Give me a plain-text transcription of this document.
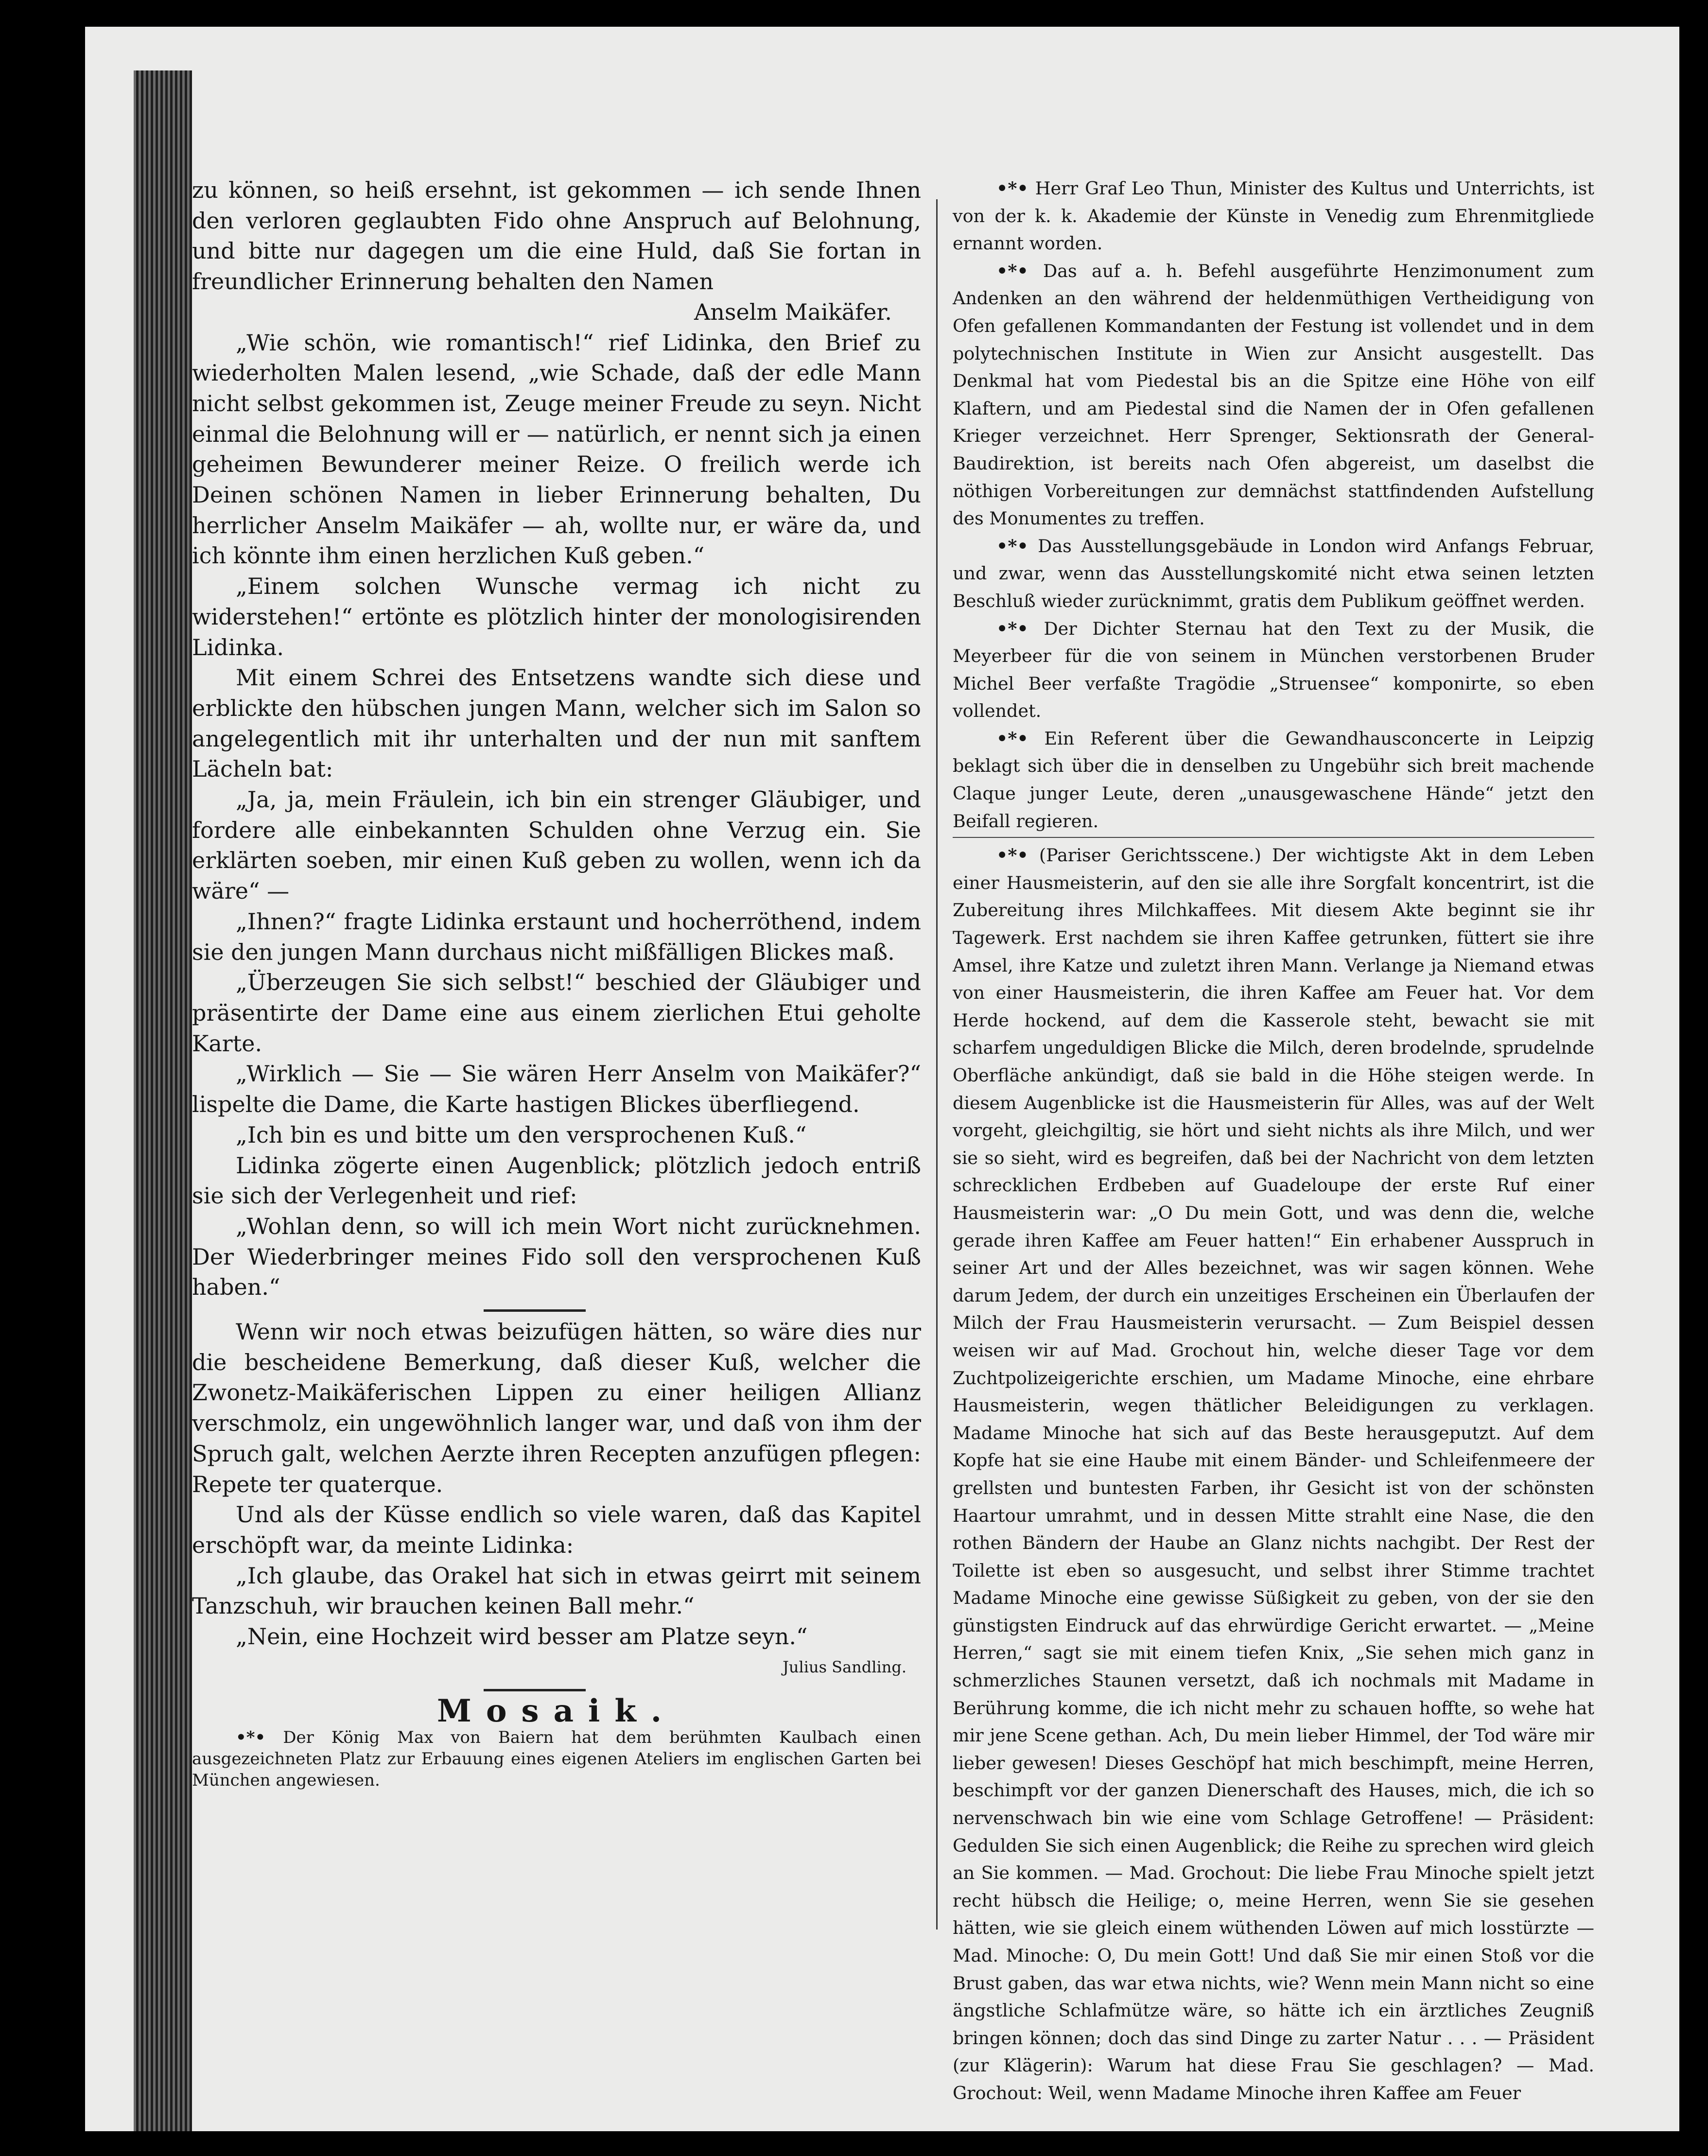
zu können, so heiß ersehnt, ist gekommen — ich sende Ihnen den verloren geglaubten Fido ohne Anspruch auf Belohnung, und bitte nur dagegen um die eine Huld, daß Sie fortan in freundlicher Erinnerung behalten den Namen

Anselm Maikäfer.

„Wie schön, wie romantisch!“ rief Lidinka, den Brief zu wiederholten Malen lesend, „wie Schade, daß der edle Mann nicht selbst gekommen ist, Zeuge meiner Freude zu seyn. Nicht einmal die Belohnung will er — natürlich, er nennt sich ja einen geheimen Bewunderer meiner Reize. O freilich werde ich Deinen schönen Namen in lieber Erinnerung behalten, Du herrlicher Anselm Maikäfer — ah, wollte nur, er wäre da, und ich könnte ihm einen herzlichen Kuß geben.“

„Einem solchen Wunsche vermag ich nicht zu widerstehen!“ ertönte es plötzlich hinter der monologisirenden Lidinka.

Mit einem Schrei des Entsetzens wandte sich diese und erblickte den hübschen jungen Mann, welcher sich im Salon so angelegentlich mit ihr unterhalten und der nun mit sanftem Lächeln bat:

„Ja, ja, mein Fräulein, ich bin ein strenger Gläubiger, und fordere alle einbekannten Schulden ohne Verzug ein. Sie erklärten soeben, mir einen Kuß geben zu wollen, wenn ich da wäre“ —

„Ihnen?“ fragte Lidinka erstaunt und hocherröthend, indem sie den jungen Mann durchaus nicht mißfälligen Blickes maß.

„Überzeugen Sie sich selbst!“ beschied der Gläubiger und präsentirte der Dame eine aus einem zierlichen Etui geholte Karte.

„Wirklich — Sie — Sie wären Herr Anselm von Maikäfer?“ lispelte die Dame, die Karte hastigen Blickes überfliegend.

„Ich bin es und bitte um den versprochenen Kuß.“

Lidinka zögerte einen Augenblick; plötzlich jedoch entriß sie sich der Verlegenheit und rief:

„Wohlan denn, so will ich mein Wort nicht zurücknehmen. Der Wiederbringer meines Fido soll den versprochenen Kuß haben.“

Wenn wir noch etwas beizufügen hätten, so wäre dies nur die bescheidene Bemerkung, daß dieser Kuß, welcher die Zwonetz-Maikäferischen Lippen zu einer heiligen Allianz verschmolz, ein ungewöhnlich langer war, und daß von ihm der Spruch galt, welchen Aerzte ihren Recepten anzufügen pflegen: Repete ter quaterque.

Und als der Küsse endlich so viele waren, daß das Kapitel erschöpft war, da meinte Lidinka:

„Ich glaube, das Orakel hat sich in etwas geirrt mit seinem Tanzschuh, wir brauchen keinen Ball mehr.“

„Nein, eine Hochzeit wird besser am Platze seyn.“

Julius Sandling.

Mosaik.

•*• Der König Max von Baiern hat dem berühmten Kaulbach einen ausgezeichneten Platz zur Erbauung eines eigenen Ateliers im englischen Garten bei München angewiesen.

•*• Herr Graf Leo Thun, Minister des Kultus und Unterrichts, ist von der k. k. Akademie der Künste in Venedig zum Ehrenmitgliede ernannt worden.

•*• Das auf a. h. Befehl ausgeführte Henzimonument zum Andenken an den während der heldenmüthigen Vertheidigung von Ofen gefallenen Kommandanten der Festung ist vollendet und in dem polytechnischen Institute in Wien zur Ansicht ausgestellt. Das Denkmal hat vom Piedestal bis an die Spitze eine Höhe von eilf Klaftern, und am Piedestal sind die Namen der in Ofen gefallenen Krieger verzeichnet. Herr Sprenger, Sektionsrath der General-Baudirektion, ist bereits nach Ofen abgereist, um daselbst die nöthigen Vorbereitungen zur demnächst stattfindenden Aufstellung des Monumentes zu treffen.

•*• Das Ausstellungsgebäude in London wird Anfangs Februar, und zwar, wenn das Ausstellungskomité nicht etwa seinen letzten Beschluß wieder zurücknimmt, gratis dem Publikum geöffnet werden.

•*• Der Dichter Sternau hat den Text zu der Musik, die Meyerbeer für die von seinem in München verstorbenen Bruder Michel Beer verfaßte Tragödie „Struensee“ komponirte, so eben vollendet.

•*• Ein Referent über die Gewandhausconcerte in Leipzig beklagt sich über die in denselben zu Ungebühr sich breit machende Claque junger Leute, deren „unausgewaschene Hände“ jetzt den Beifall regieren.

•*• (Pariser Gerichtsscene.) Der wichtigste Akt in dem Leben einer Hausmeisterin, auf den sie alle ihre Sorgfalt koncentrirt, ist die Zubereitung ihres Milchkaffees. Mit diesem Akte beginnt sie ihr Tagewerk. Erst nachdem sie ihren Kaffee getrunken, füttert sie ihre Amsel, ihre Katze und zuletzt ihren Mann. Verlange ja Niemand etwas von einer Hausmeisterin, die ihren Kaffee am Feuer hat. Vor dem Herde hockend, auf dem die Kasserole steht, bewacht sie mit scharfem ungeduldigen Blicke die Milch, deren brodelnde, sprudelnde Oberfläche ankündigt, daß sie bald in die Höhe steigen werde. In diesem Augenblicke ist die Hausmeisterin für Alles, was auf der Welt vorgeht, gleichgiltig, sie hört und sieht nichts als ihre Milch, und wer sie so sieht, wird es begreifen, daß bei der Nachricht von dem letzten schrecklichen Erdbeben auf Guadeloupe der erste Ruf einer Hausmeisterin war: „O Du mein Gott, und was denn die, welche gerade ihren Kaffee am Feuer hatten!“ Ein erhabener Ausspruch in seiner Art und der Alles bezeichnet, was wir sagen können. Wehe darum Jedem, der durch ein unzeitiges Erscheinen ein Überlaufen der Milch der Frau Hausmeisterin verursacht. — Zum Beispiel dessen weisen wir auf Mad. Grochout hin, welche dieser Tage vor dem Zuchtpolizeigerichte erschien, um Madame Minoche, eine ehrbare Hausmeisterin, wegen thätlicher Beleidigungen zu verklagen. Madame Minoche hat sich auf das Beste herausgeputzt. Auf dem Kopfe hat sie eine Haube mit einem Bänder- und Schleifenmeere der grellsten und buntesten Farben, ihr Gesicht ist von der schönsten Haartour umrahmt, und in dessen Mitte strahlt eine Nase, die den rothen Bändern der Haube an Glanz nichts nachgibt. Der Rest der Toilette ist eben so ausgesucht, und selbst ihrer Stimme trachtet Madame Minoche eine gewisse Süßigkeit zu geben, von der sie den günstigsten Eindruck auf das ehrwürdige Gericht erwartet. — „Meine Herren,“ sagt sie mit einem tiefen Knix, „Sie sehen mich ganz in schmerzliches Staunen versetzt, daß ich nochmals mit Madame in Berührung komme, die ich nicht mehr zu schauen hoffte, so wehe hat mir jene Scene gethan. Ach, Du mein lieber Himmel, der Tod wäre mir lieber gewesen! Dieses Geschöpf hat mich beschimpft, meine Herren, beschimpft vor der ganzen Dienerschaft des Hauses, mich, die ich so nervenschwach bin wie eine vom Schlage Getroffene! — Präsident: Gedulden Sie sich einen Augenblick; die Reihe zu sprechen wird gleich an Sie kommen. — Mad. Grochout: Die liebe Frau Minoche spielt jetzt recht hübsch die Heilige; o, meine Herren, wenn Sie sie gesehen hätten, wie sie gleich einem wüthenden Löwen auf mich losstürzte — Mad. Minoche: O, Du mein Gott! Und daß Sie mir einen Stoß vor die Brust gaben, das war etwa nichts, wie? Wenn mein Mann nicht so eine ängstliche Schlafmütze wäre, so hätte ich ein ärztliches Zeugniß bringen können; doch das sind Dinge zu zarter Natur . . . — Präsident (zur Klägerin): Warum hat diese Frau Sie geschlagen? — Mad. Grochout: Weil, wenn Madame Minoche ihren Kaffee am Feuer
